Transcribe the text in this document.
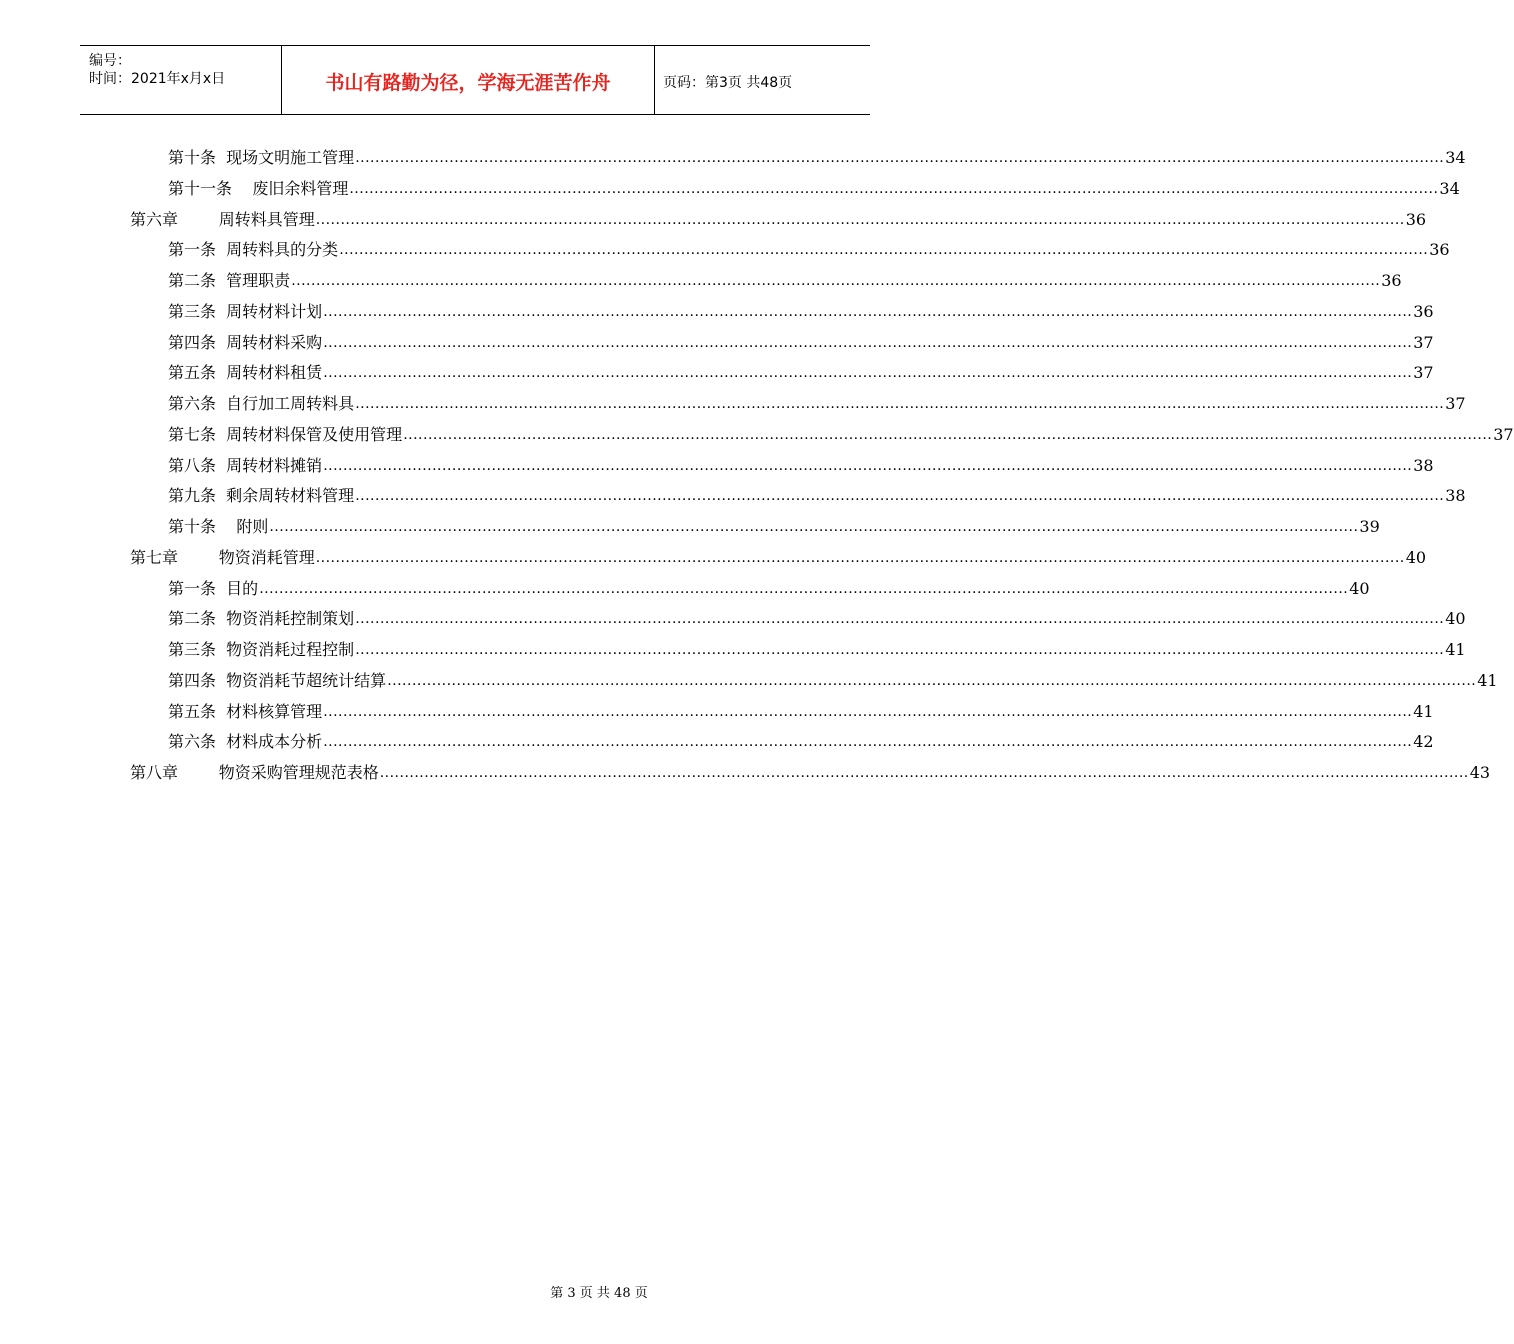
编号：
时间：2021年x月x日	书山有路勤为径，学海无涯苦作舟	页码：第3页 共48页
第十条  现场文明施工管理 ............................................................................................................................................................................................................................ 34
第十一条    废旧余料管理 ............................................................................................................................................................................................................................ 34
第六章        周转料具管理 ............................................................................................................................................................................................................................ 36
第一条  周转料具的分类 ............................................................................................................................................................................................................................ 36
第二条  管理职责 ............................................................................................................................................................................................................................ 36
第三条  周转材料计划 ............................................................................................................................................................................................................................ 36
第四条  周转材料采购 ............................................................................................................................................................................................................................ 37
第五条  周转材料租赁 ............................................................................................................................................................................................................................ 37
第六条  自行加工周转料具 ............................................................................................................................................................................................................................ 37
第七条  周转材料保管及使用管理 ............................................................................................................................................................................................................................ 37
第八条  周转材料摊销 ............................................................................................................................................................................................................................ 38
第九条  剩余周转材料管理 ............................................................................................................................................................................................................................ 38
第十条    附则 ............................................................................................................................................................................................................................ 39
第七章        物资消耗管理 ............................................................................................................................................................................................................................ 40
第一条  目的 ............................................................................................................................................................................................................................ 40
第二条  物资消耗控制策划 ............................................................................................................................................................................................................................ 40
第三条  物资消耗过程控制 ............................................................................................................................................................................................................................ 41
第四条  物资消耗节超统计结算 ............................................................................................................................................................................................................................ 41
第五条  材料核算管理 ............................................................................................................................................................................................................................ 41
第六条  材料成本分析 ............................................................................................................................................................................................................................ 42
第八章        物资采购管理规范表格 ............................................................................................................................................................................................................................ 43
第 3 页 共 48 页
